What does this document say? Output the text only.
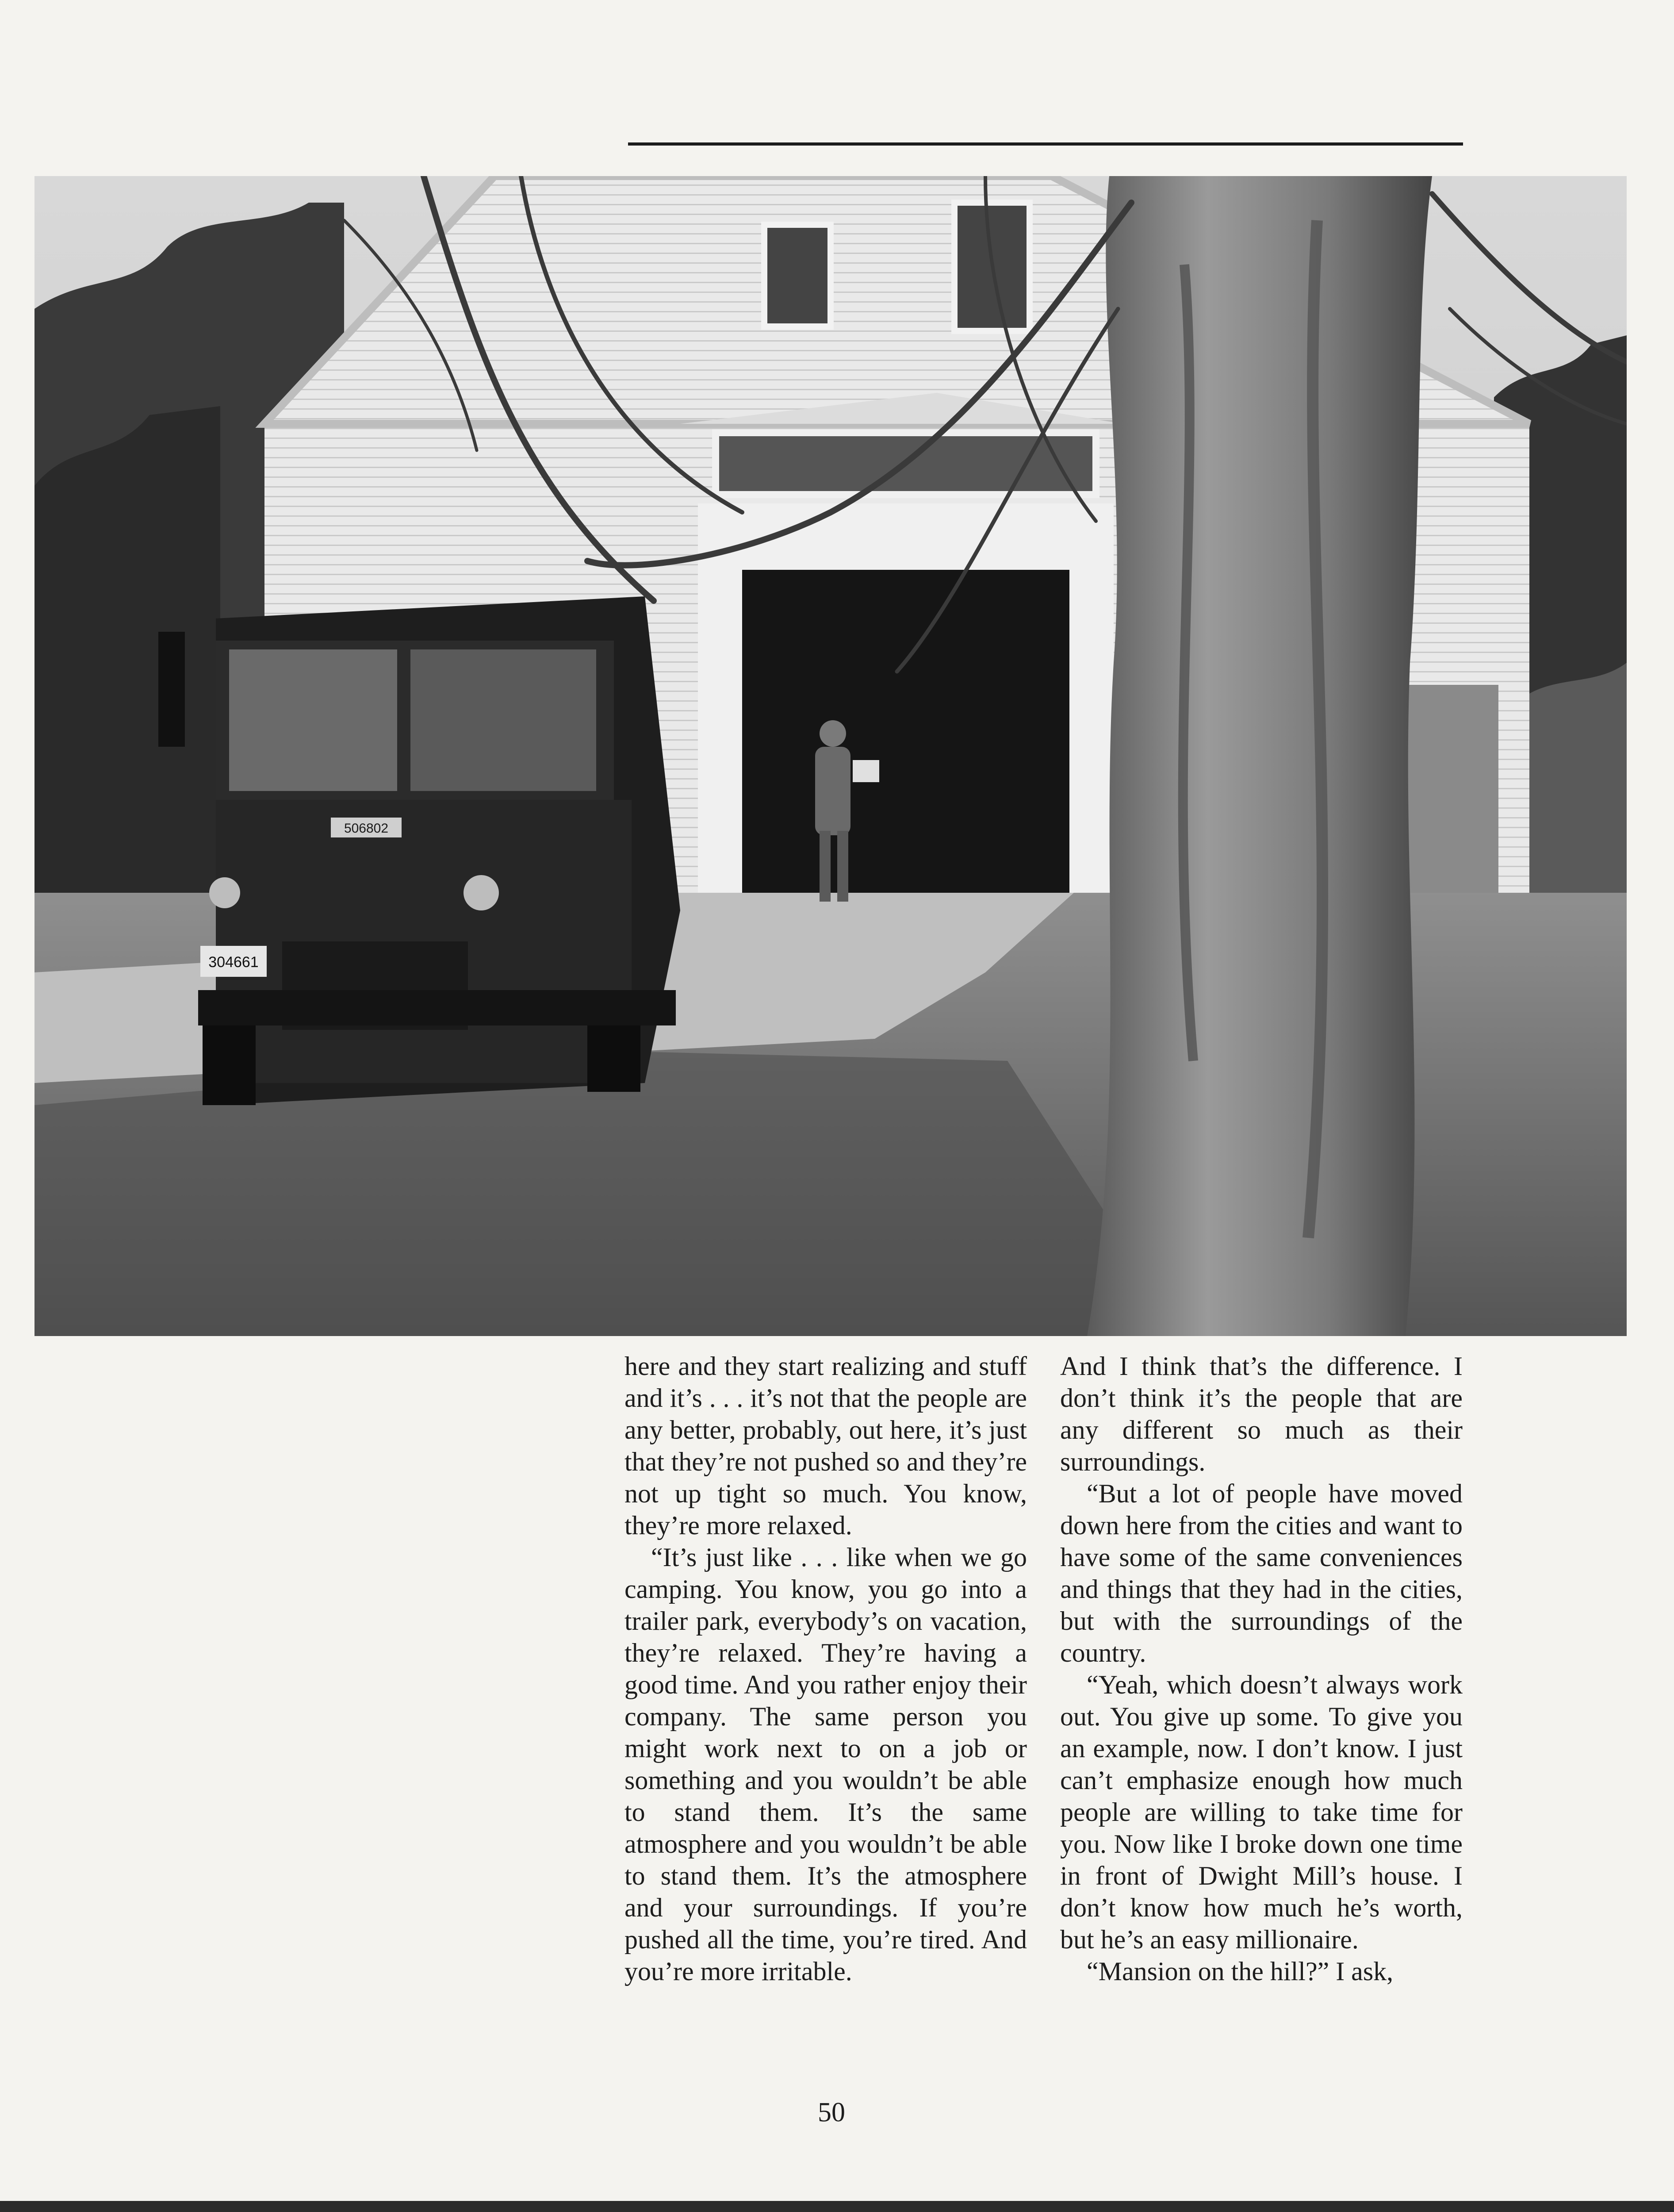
506802
304661

here and they start realizing and stuff and it’s . . . it’s not that the people are any better, probably, out here, it’s just that they’re not pushed so and they’re not up tight so much. You know, they’re more relaxed.

“It’s just like . . . like when we go camping. You know, you go into a trailer park, everybody’s on vacation, they’re relaxed. They’re having a good time. And you rather enjoy their company. The same person you might work next to on a job or something and you wouldn’t be able to stand them. It’s the same atmosphere and you wouldn’t be able to stand them. It’s the atmosphere and your surroundings. If you’re pushed all the time, you’re tired. And you’re more irritable.

And I think that’s the difference. I don’t think it’s the people that are any different so much as their surroundings.

“But a lot of people have moved down here from the cities and want to have some of the same conveniences and things that they had in the cities, but with the surroundings of the country.

“Yeah, which doesn’t always work out. You give up some. To give you an example, now. I don’t know. I just can’t emphasize enough how much people are willing to take time for you. Now like I broke down one time in front of Dwight Mill’s house. I don’t know how much he’s worth, but he’s an easy millionaire.

“Mansion on the hill?” I ask,

50
